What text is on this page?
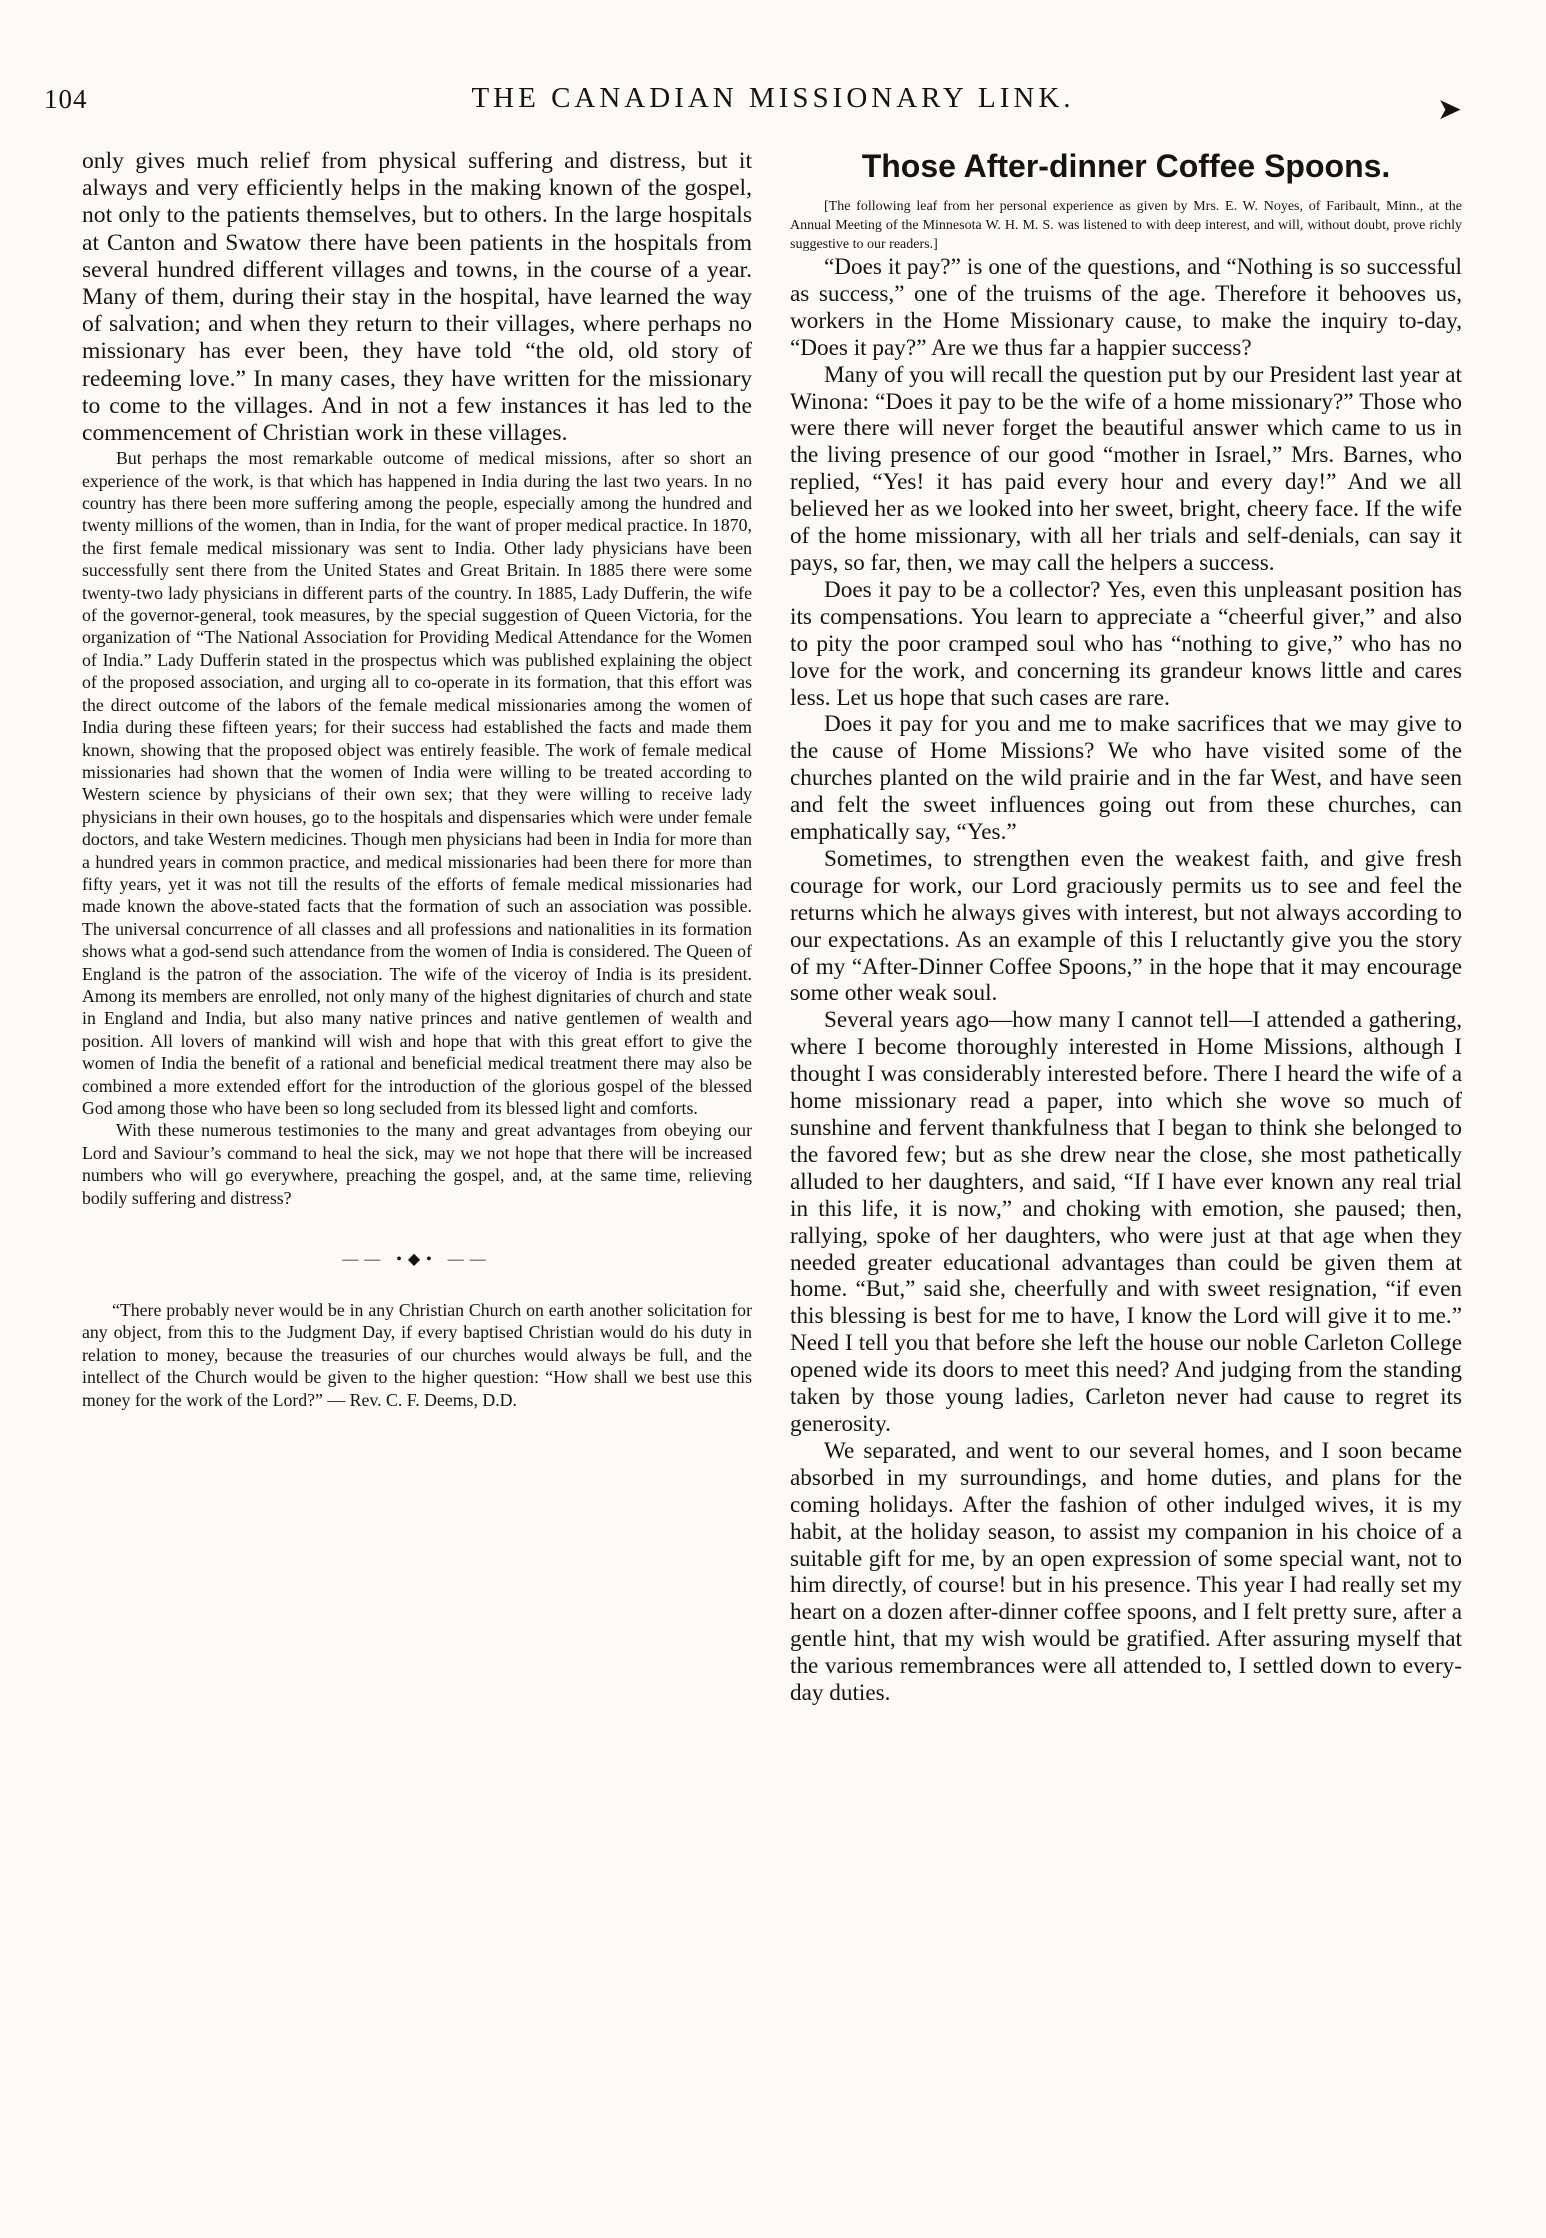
104	THE CANADIAN MISSIONARY LINK.	➤

only gives much relief from physical suffering and distress, but it always and very efficiently helps in the making known of the gospel, not only to the patients themselves, but to others. In the large hospitals at Canton and Swatow there have been patients in the hospitals from several hundred different villages and towns, in the course of a year. Many of them, during their stay in the hospital, have learned the way of salvation; and when they return to their villages, where perhaps no missionary has ever been, they have told “the old, old story of redeeming love.” In many cases, they have written for the missionary to come to the villages. And in not a few instances it has led to the commencement of Christian work in these villages.

But perhaps the most remarkable outcome of medical missions, after so short an experience of the work, is that which has happened in India during the last two years. In no country has there been more suffering among the people, especially among the hundred and twenty millions of the women, than in India, for the want of proper medical practice. In 1870, the first female medical missionary was sent to India. Other lady physicians have been successfully sent there from the United States and Great Britain. In 1885 there were some twenty-two lady physicians in different parts of the country. In 1885, Lady Dufferin, the wife of the governor-general, took measures, by the special suggestion of Queen Victoria, for the organization of “The National Association for Providing Medical Attendance for the Women of India.” Lady Dufferin stated in the prospectus which was published explaining the object of the proposed association, and urging all to co-operate in its formation, that this effort was the direct outcome of the labors of the female medical missionaries among the women of India during these fifteen years; for their success had established the facts and made them known, showing that the proposed object was entirely feasible. The work of female medical missionaries had shown that the women of India were willing to be treated according to Western science by physicians of their own sex; that they were willing to receive lady physicians in their own houses, go to the hospitals and dispensaries which were under female doctors, and take Western medicines. Though men physicians had been in India for more than a hundred years in common practice, and medical missionaries had been there for more than fifty years, yet it was not till the results of the efforts of female medical missionaries had made known the above-stated facts that the formation of such an association was possible. The universal concurrence of all classes and all professions and nationalities in its formation shows what a god-send such attendance from the women of India is considered. The Queen of England is the patron of the association. The wife of the viceroy of India is its president. Among its members are enrolled, not only many of the highest dignitaries of church and state in England and India, but also many native princes and native gentlemen of wealth and position. All lovers of mankind will wish and hope that with this great effort to give the women of India the benefit of a rational and beneficial medical treatment there may also be combined a more extended effort for the introduction of the glorious gospel of the blessed God among those who have been so long secluded from its blessed light and comforts.

With these numerous testimonies to the many and great advantages from obeying our Lord and Saviour’s command to heal the sick, may we not hope that there will be increased numbers who will go everywhere, preaching the gospel, and, at the same time, relieving bodily suffering and distress?

—— •◆• ——

“There probably never would be in any Christian Church on earth another solicitation for any object, from this to the Judgment Day, if every baptised Christian would do his duty in relation to money, because the treasuries of our churches would always be full, and the intellect of the Church would be given to the higher question: “How shall we best use this money for the work of the Lord?” — Rev. C. F. Deems, D.D.

Those After-dinner Coffee Spoons.

[The following leaf from her personal experience as given by Mrs. E. W. Noyes, of Faribault, Minn., at the Annual Meeting of the Minnesota W. H. M. S. was listened to with deep interest, and will, without doubt, prove richly suggestive to our readers.]

“Does it pay?” is one of the questions, and “Nothing is so successful as success,” one of the truisms of the age. Therefore it behooves us, workers in the Home Missionary cause, to make the inquiry to-day, “Does it pay?” Are we thus far a happier success?

Many of you will recall the question put by our President last year at Winona: “Does it pay to be the wife of a home missionary?” Those who were there will never forget the beautiful answer which came to us in the living presence of our good “mother in Israel,” Mrs. Barnes, who replied, “Yes! it has paid every hour and every day!” And we all believed her as we looked into her sweet, bright, cheery face. If the wife of the home missionary, with all her trials and self-denials, can say it pays, so far, then, we may call the helpers a success.

Does it pay to be a collector? Yes, even this unpleasant position has its compensations. You learn to appreciate a “cheerful giver,” and also to pity the poor cramped soul who has “nothing to give,” who has no love for the work, and concerning its grandeur knows little and cares less. Let us hope that such cases are rare.

Does it pay for you and me to make sacrifices that we may give to the cause of Home Missions? We who have visited some of the churches planted on the wild prairie and in the far West, and have seen and felt the sweet influences going out from these churches, can emphatically say, “Yes.”

Sometimes, to strengthen even the weakest faith, and give fresh courage for work, our Lord graciously permits us to see and feel the returns which he always gives with interest, but not always according to our expectations. As an example of this I reluctantly give you the story of my “After-Dinner Coffee Spoons,” in the hope that it may encourage some other weak soul.

Several years ago—how many I cannot tell—I attended a gathering, where I become thoroughly interested in Home Missions, although I thought I was considerably interested before. There I heard the wife of a home missionary read a paper, into which she wove so much of sunshine and fervent thankfulness that I began to think she belonged to the favored few; but as she drew near the close, she most pathetically alluded to her daughters, and said, “If I have ever known any real trial in this life, it is now,” and choking with emotion, she paused; then, rallying, spoke of her daughters, who were just at that age when they needed greater educational advantages than could be given them at home. “But,” said she, cheerfully and with sweet resignation, “if even this blessing is best for me to have, I know the Lord will give it to me.” Need I tell you that before she left the house our noble Carleton College opened wide its doors to meet this need? And judging from the standing taken by those young ladies, Carleton never had cause to regret its generosity.

We separated, and went to our several homes, and I soon became absorbed in my surroundings, and home duties, and plans for the coming holidays. After the fashion of other indulged wives, it is my habit, at the holiday season, to assist my companion in his choice of a suitable gift for me, by an open expression of some special want, not to him directly, of course! but in his presence. This year I had really set my heart on a dozen after-dinner coffee spoons, and I felt pretty sure, after a gentle hint, that my wish would be gratified. After assuring myself that the various remembrances were all attended to, I settled down to every-day duties.
